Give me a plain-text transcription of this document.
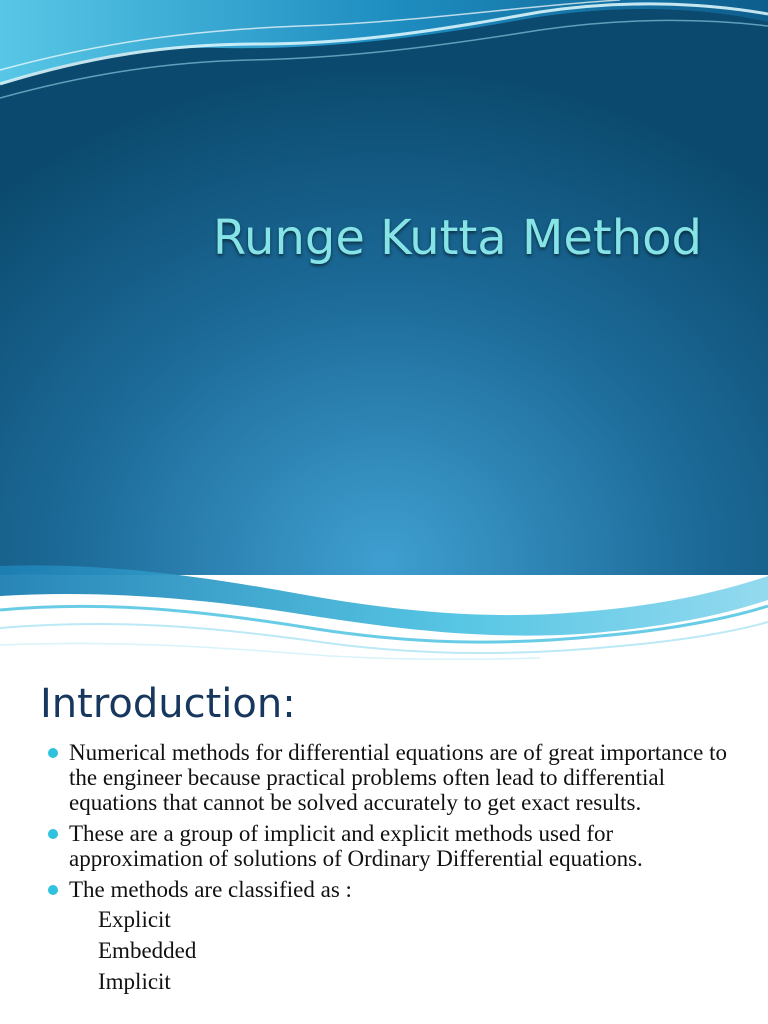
Runge Kutta Method
Introduction:
Numerical methods for differential equations are of great importance to the engineer because practical problems often lead to differential equations that cannot be solved accurately to get exact results.
These are a group of implicit and explicit methods used for approximation of solutions of Ordinary Differential equations.
The methods are classified as :
Explicit
Embedded
Implicit
